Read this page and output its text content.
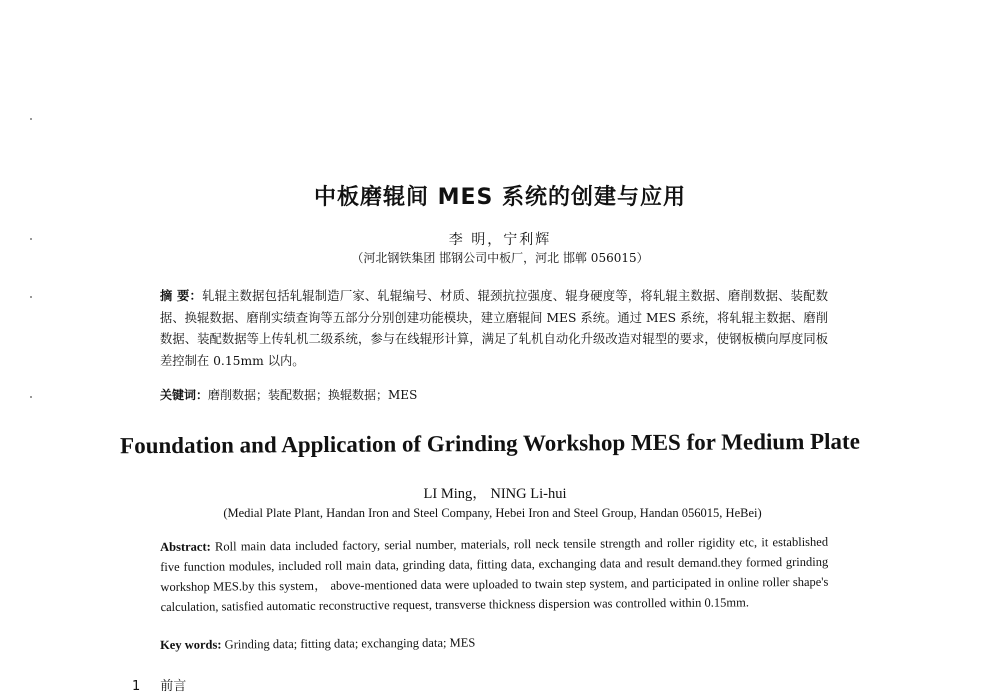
中板磨辊间 MES 系统的创建与应用
李 明，宁利辉
（河北钢铁集团 邯钢公司中板厂，河北 邯郸 056015）
摘 要：轧辊主数据包括轧辊制造厂家、轧辊编号、材质、辊颈抗拉强度、辊身硬度等，将轧辊主数据、磨削数据、装配数据、换辊数据、磨削实绩查询等五部分分别创建功能模块，建立磨辊间 MES 系统。通过 MES 系统，将轧辊主数据、磨削数据、装配数据等上传轧机二级系统，参与在线辊形计算，满足了轧机自动化升级改造对辊型的要求，使钢板横向厚度同板差控制在 0.15mm 以内。
关键词：磨削数据；装配数据；换辊数据；MES
Foundation and Application of Grinding Workshop MES for Medium Plate
LI Ming， NING Li-hui
(Medial Plate Plant, Handan Iron and Steel Company, Hebei Iron and Steel Group, Handan 056015, HeBei)
Abstract: Roll main data included factory, serial number, materials, roll neck tensile strength and roller rigidity etc, it established five function modules, included roll main data, grinding data, fitting data, exchanging data and result demand.they formed grinding workshop MES.by this system， above-mentioned data were uploaded to twain step system, and participated in online roller shape's calculation, satisfied automatic reconstructive request, transverse thickness dispersion was controlled within 0.15mm.
Key words: Grinding data; fitting data; exchanging data; MES
1 前言
